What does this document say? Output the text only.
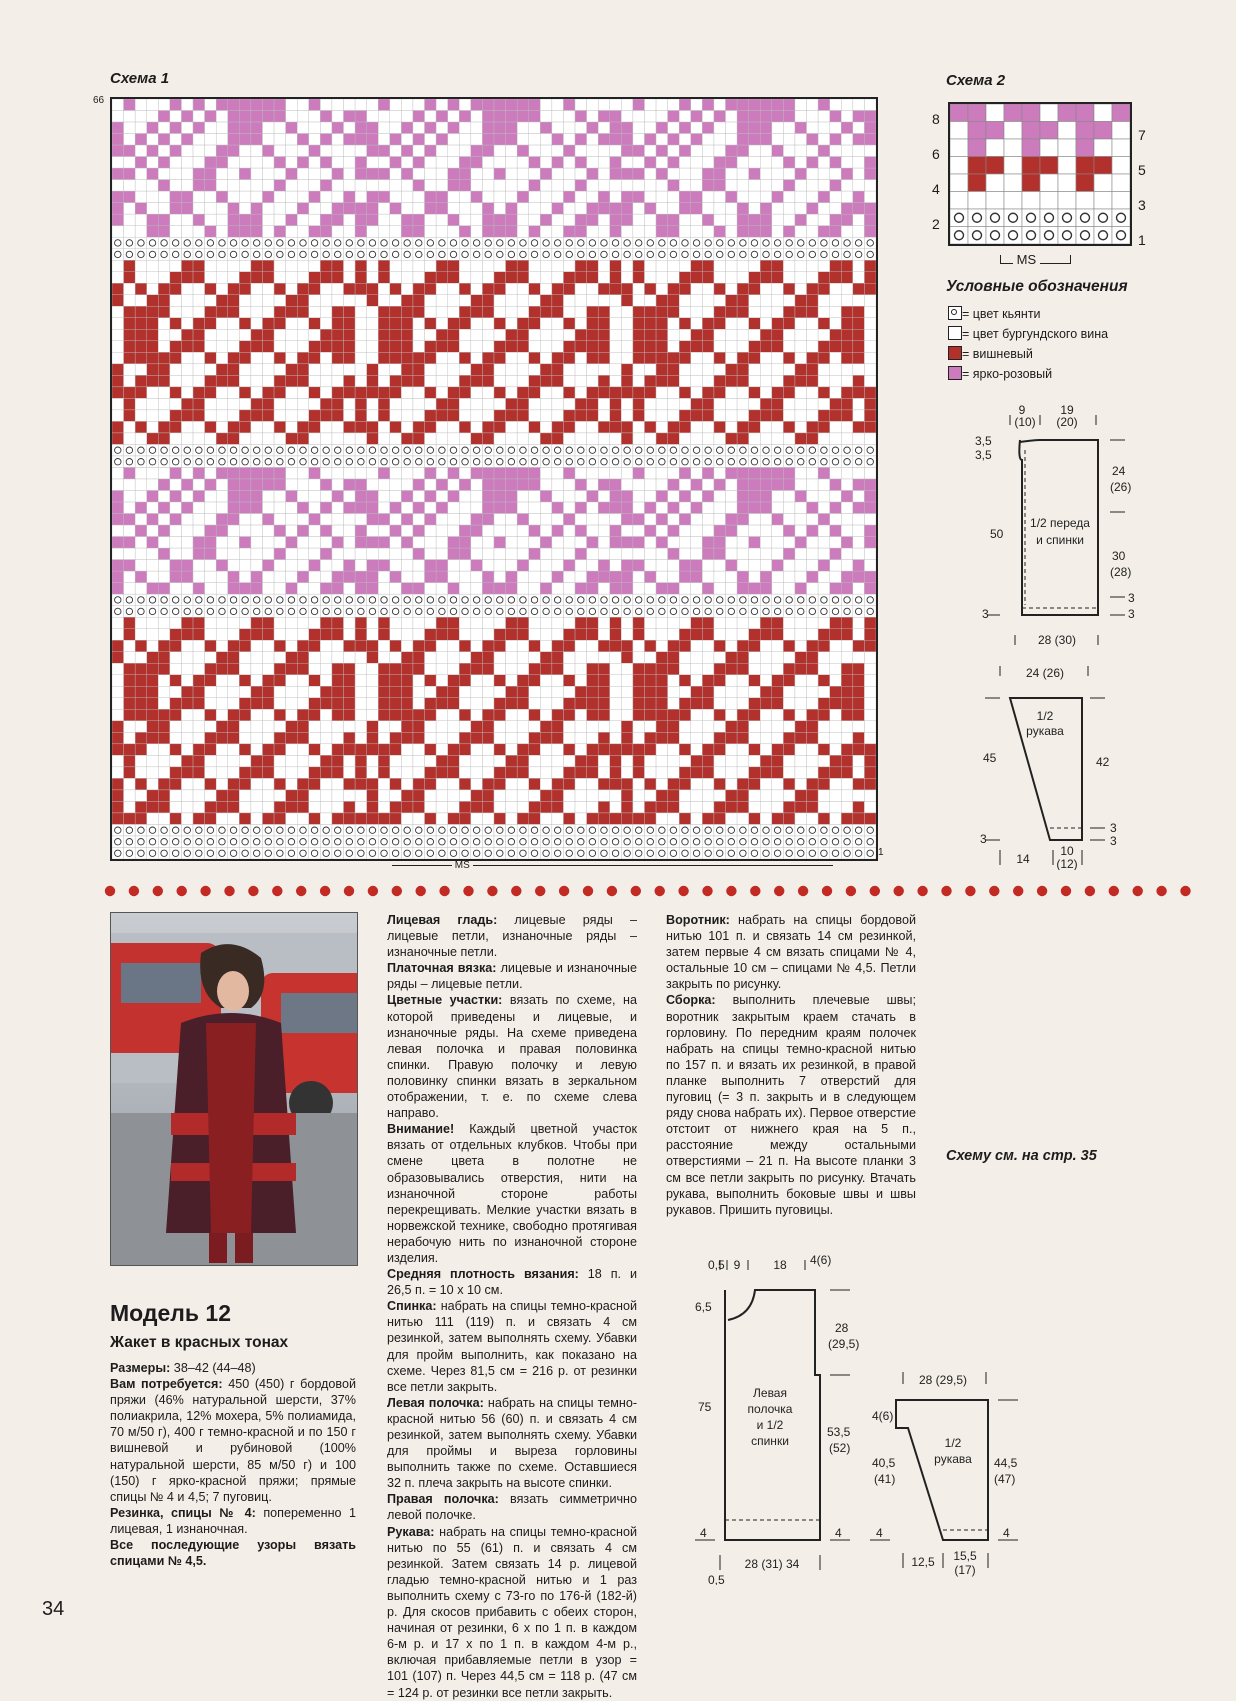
Схема 1
66
1
MS
Схема 2
8
6
4
2
7
5
3
1
MS
Условные обозначения
= цвет кьянти
= цвет бургундского вина
= вишневый
= ярко-розовый
9
(10)
19
(20)
3,5
3,5
24
(26)
50
1/2 переда
и спинки
30
(28)
3
3
3
28 (30)
24 (26)
1/2
рукава
45	42
3
3
3
14
10
(12)
Модель 12
Жакет в красных тонах

Размеры: 38–42 (44–48)

Вам потребуется: 450 (450) г бордовой пряжи (46% натуральной шерсти, 37% полиакрила, 12% мохера, 5% полиамида, 70 м/50 г), 400 г темно-красной и по 150 г вишневой и рубиновой (100% натуральной шерсти, 85 м/50 г) и 100 (150) г ярко-красной пряжи; прямые спицы № 4 и 4,5; 7 пуговиц.

Резинка, спицы № 4: попеременно 1 лицевая, 1 изнаночная.

Все последующие узоры вязать спицами № 4,5.

Лицевая гладь: лицевые ряды – лицевые петли, изнаночные ряды – изнаночные петли.

Платочная вязка: лицевые и изнаночные ряды – лицевые петли.

Цветные участки: вязать по схеме, на которой приведены и лицевые, и изнаночные ряды. На схеме приведена левая полочка и правая половинка спинки. Правую полочку и левую половинку спинки вязать в зеркальном отображении, т. е. по схеме слева направо.

Внимание! Каждый цветной участок вязать от отдельных клубков. Чтобы при смене цвета в полотне не образовывались отверстия, нити на изнаночной стороне работы перекрещивать. Мелкие участки вязать в норвежской технике, свободно протягивая нерабочую нить по изнаночной стороне изделия.

Средняя плотность вязания: 18 п. и 26,5 п. = 10 х 10 см.

Спинка: набрать на спицы темно-красной нитью 111 (119) п. и связать 4 см резинкой, затем выполнять схему. Убавки для пройм выполнить, как показано на схеме. Через 81,5 см = 216 р. от резинки все петли закрыть.

Левая полочка: набрать на спицы темно-красной нитью 56 (60) п. и связать 4 см резинкой, затем выполнять схему. Убавки для проймы и выреза горловины выполнить также по схеме. Оставшиеся 32 п. плеча закрыть на высоте спинки.

Правая полочка: вязать симметрично левой полочке.

Рукава: набрать на спицы темно-красной нитью по 55 (61) п. и связать 4 см резинкой. Затем связать 14 р. лицевой гладью темно-красной нитью и 1 раз выполнить схему с 73-го по 176-й (182-й) р. Для скосов прибавить с обеих сторон, начиная от резинки, 6 х по 1 п. в каждом 6-м р. и 17 х по 1 п. в каждом 4-м р., включая прибавляемые петли в узор = 101 (107) п. Через 44,5 см = 118 р. (47 см = 124 р. от резинки все петли закрыть.

Воротник: набрать на спицы бордовой нитью 101 п. и связать 14 см резинкой, затем первые 4 см вязать спицами № 4, остальные 10 см – спицами № 4,5. Петли закрыть по рисунку.

Сборка: выполнить плечевые швы; воротник закрытым краем стачать в горловину. По передним краям полочек набрать на спицы темно-красной нитью по 157 п. и вязать их резинкой, в правой планке выполнить 7 отверстий для пуговиц (= 3 п. закрыть и в следующем ряду снова набрать их). Первое отверстие отстоит от нижнего края на 5 п., расстояние между остальными отверстиями – 21 п. На высоте планки 3 см все петли закрыть по рисунку. Втачать рукава, выполнить боковые швы и швы рукавов. Пришить пуговицы.

Схему см. на стр. 35
0,5 9	18 4(6)
6,5
28
(29,5)
75
Левая
полочка
и 1/2
спинки
53,5
(52)
4	4
0,5
28 (31) 34
28 (29,5)
4(6)
1/2
рукава
40,5
(41)
44,5
(47)
4	4
12,5 15,5
(17)
34
